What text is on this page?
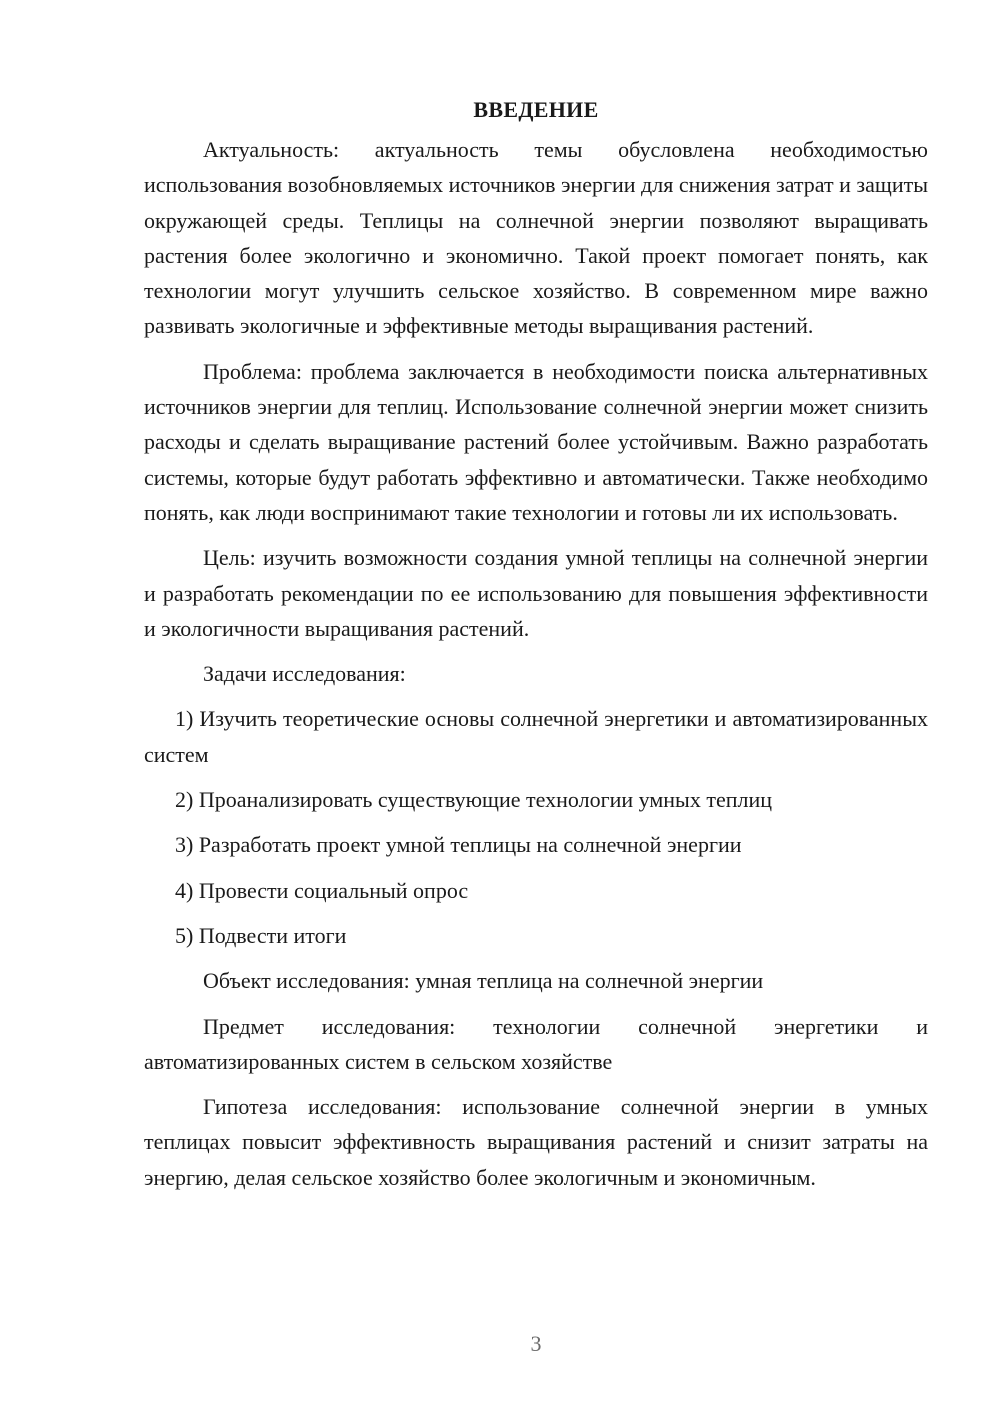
ВВЕДЕНИЕ

Актуальность: актуальность темы обусловлена необходимостью использования возобновляемых источников энергии для снижения затрат и защиты окружающей среды. Теплицы на солнечной энергии позволяют выращивать растения более экологично и экономично. Такой проект помогает понять, как технологии могут улучшить сельское хозяйство. В современном мире важно развивать экологичные и эффективные методы выращивания растений.

Проблема: проблема заключается в необходимости поиска альтернативных источников энергии для теплиц. Использование солнечной энергии может снизить расходы и сделать выращивание растений более устойчивым. Важно разработать системы, которые будут работать эффективно и автоматически. Также необходимо понять, как люди воспринимают такие технологии и готовы ли их использовать.

Цель: изучить возможности создания умной теплицы на солнечной энергии и разработать рекомендации по ее использованию для повышения эффективности и экологичности выращивания растений.

Задачи исследования:

1) Изучить теоретические основы солнечной энергетики и автоматизированных систем

2) Проанализировать существующие технологии умных теплиц

3) Разработать проект умной теплицы на солнечной энергии

4) Провести социальный опрос

5) Подвести итоги

Объект исследования: умная теплица на солнечной энергии

Предмет исследования: технологии солнечной энергетики и автоматизированных систем в сельском хозяйстве

Гипотеза исследования: использование солнечной энергии в умных теплицах повысит эффективность выращивания растений и снизит затраты на энергию, делая сельское хозяйство более экологичным и экономичным.

3
